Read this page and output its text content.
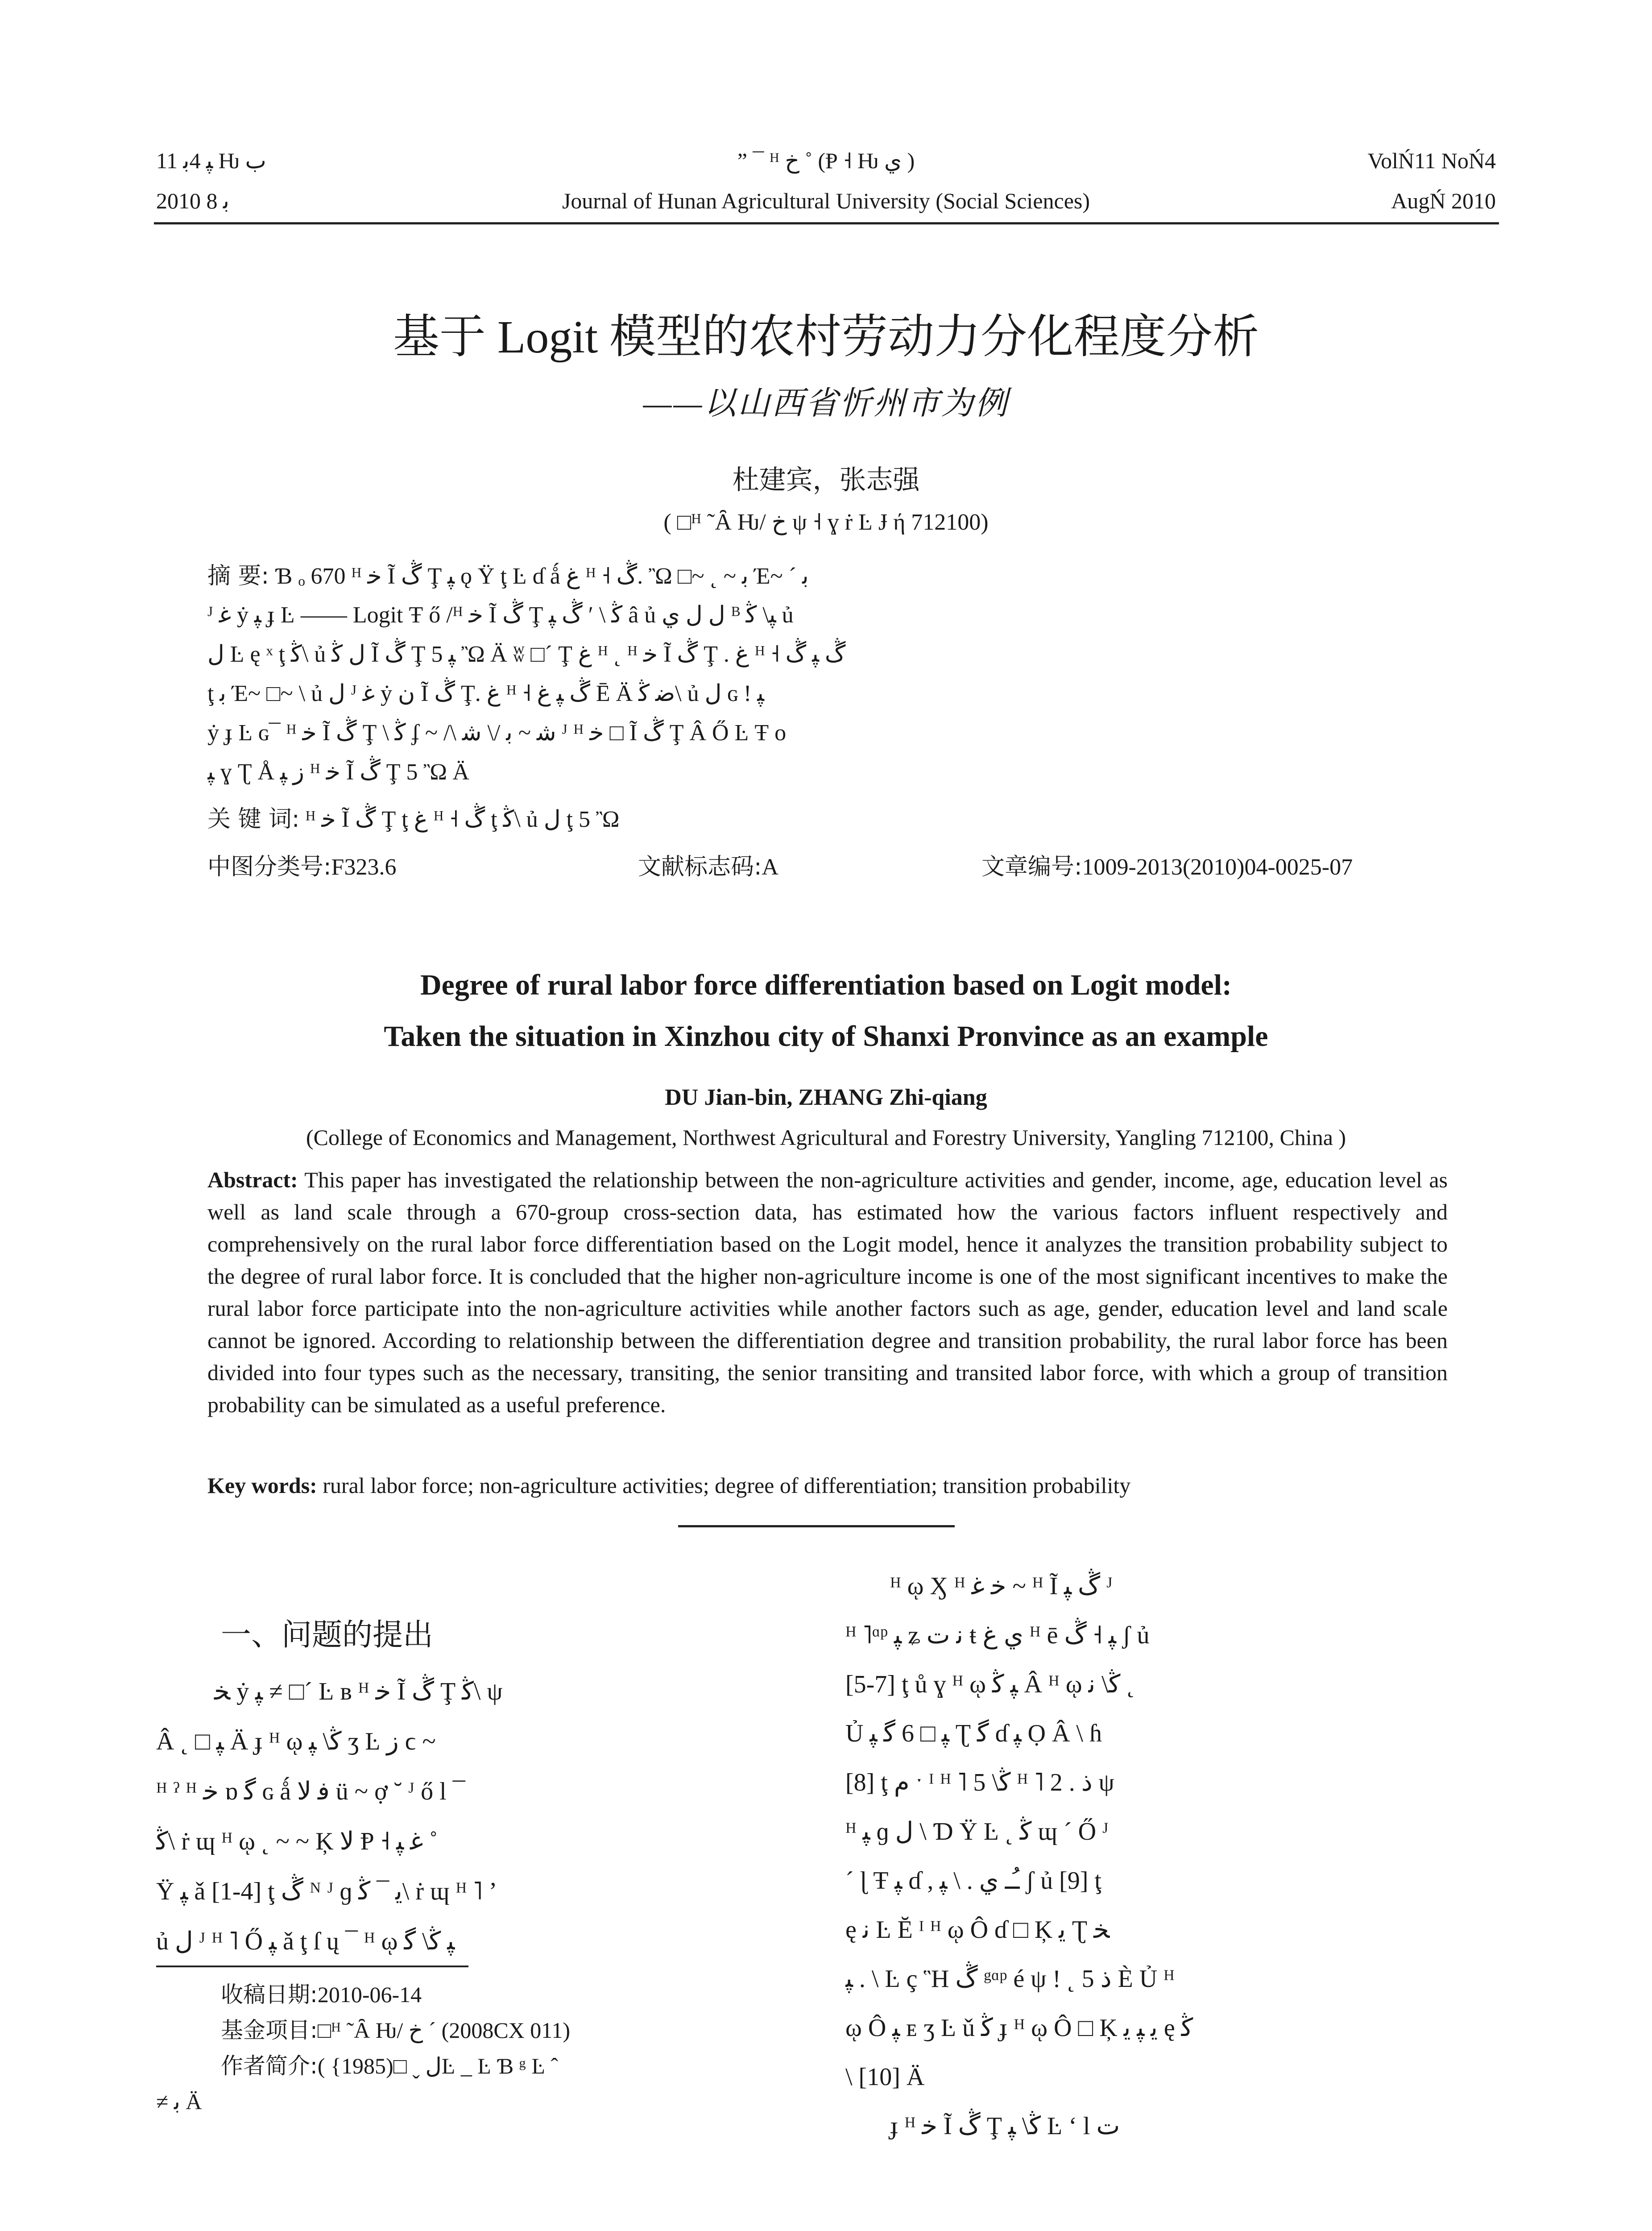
ﭙ 4ﺑ 11 Ƕ ﺏ
2010 ﺑ 8
” ¯ ᴴ ﺥ ˚ (Ᵽ ˧ Ƕ ﻱ )
Journal of Hunan Agricultural University (Social Sciences)
VolŃ11 NoŃ4
AugŃ 2010
基于 Logit 模型的农村劳动力分化程度分析
——以山西省忻州市为例
杜建宾，张志强
( □ᴴ ˜Ȃ Ƕ/ ﺥ ψ ˧ ɣ ṙ Ŀ Ɉ ή 712100)
摘 要: Ɓ ₒ 670 ᴴ ﺧ Ĩ ڴ Ţ ﭙ ǫ Ÿ ţ Ŀ ɗ ǻ ﻍ ᴴ ˧ ڴ. Ὢ □~ ˛ ~ ﺑ Έ~ ´ ﺑ
ᴶ ﻏ ẏ ﭙ ɟ Ŀ —— Logit Ŧ ő /ᴴ ﺧ Ĩ ڴ Ţ ﯕ \ ′ ڴ ﭙ â ủ ﻝ ﻝ ﻱ ᴮ ﭙ\ ﯕ ủ
ﻝ Ŀ ę ˣ ţ ﯕ\ ủ ﻝ ﯕ Ĩ ڴ Ţ ﭙ 5 Ὢ Ä ʬ □´ Ţ ﻍ ᴴ ˛ ᴴ ﺧ Ĩ ڴ Ţ . ﻍ ᴴ ˧ ڴ ﭙ ڴ
ţ ﺑ Έ~ □~ \ ủ ﻝ ᴶ ﻏ ẏ ﻥ Ĩ ڴ Ţ. ﻍ ᴴ ˧ ڴ ﭙ ﻍ Ē Ä ﺿ ﯕ\ ủ ﻝ ɢ ! ﭙ
ẏ ɟ Ŀ ɢ¯ ᴴ ﺧ Ĩ ڴ Ţ \ ﯕ ʄ ~ /\ ﺷ ~ ﺑ /\ ﺷ ᴶ ᴴ ﺧ □ Ĩ ڴ Ţ Â Ő Ŀ Ŧ o
ﭙ ɣ Ʈ Å ﺯ ﭙ ᴴ ﺧ Ĩ ڴ Ţ 5 Ὢ Ä
关 键 词: ᴴ ﺧ Ĩ ڴ Ţ ţ ﻍ ᴴ ˧ ڴ ţ ﯕ\ ủ ﻝ ţ 5 Ὢ
中图分类号:F323.6	文献标志码:A	文章编号:1009-2013(2010)04-0025-07
Degree of rural labor force differentiation based on Logit model:
Taken the situation in Xinzhou city of Shanxi Pronvince as an example
DU Jian-bin, ZHANG Zhi-qiang
(College of Economics and Management, Northwest Agricultural and Forestry University, Yangling 712100, China )
Abstract: This paper has investigated the relationship between the non-agriculture activities and gender, income, age, education level as well as land scale through a 670-group cross-section data, has estimated how the various factors influent respectively and comprehensively on the rural labor force differentiation based on the Logit model, hence it analyzes the transition probability subject to the degree of rural labor force. It is concluded that the higher non-agriculture income is one of the most significant incentives to make the rural labor force participate into the non-agriculture activities while another factors such as age, gender, education level and land scale cannot be ignored. According to relationship between the differentiation degree and transition probability, the rural labor force has been divided into four types such as the necessary, transiting, the senior transiting and transited labor force, with which a group of transition probability can be simulated as a useful preference.
Key words: rural labor force; non-agriculture activities; degree of differentiation; transition probability
一、问题的提出
ﺨ ẏ ﭙ ≠ □´ Ŀ ʙ ᴴ ﺧ Ĩ ڴ Ţ ﯕ\ ψ
Â ˛ □ ﭙ Ä ɟ ᴴ ῳ ﯕ\ ﭙ ʒ Ŀ ﺯ ϲ ~
ᴴ ˀ ᴴ ﺧ ɒ ﮔ ɢ ǻ ﻓ ﻻ ü ~ ợ ˘ ᴶ ő l ¯
ﯕ\ ṙ ɰ ᴴ ῳ ˛ ~ ~ Ķ ﻻ Ᵽ ˧ ﻏ ﭙ ˚
Ÿ ﭙ ǎ [1-4] ţ ڴ ᴺ ᴶ ɡ ﻳ ¯ ﯕ\ ṙ ɰ ᴴ ˥ ’
ủ ﻝ ᴶ ᴴ ˥ Ő ﭙ ǎ ţ ſ ų ¯ ᴴ ῳ ﭙ ﯕ\ ﮔ
收稿日期:2010-06-14
基金项目:□ᴴ ˜Ȃ Ƕ/ ﺥ ´ (2008CX 011)
作者简介:ﻝ ˬ □(1985} )Ŀ _ Ŀ Ɓ ᵍ Ŀ ˆ
≠ ﺑ Ä
ᴴ ῳ Ӽ ᴴ ﺧ ﻏ ~ ᴴ Ĩ ڴ ﭙ ᴶ
ᴴ ˥ᵅᵖ ﭙ ʑ ﻧ ﺕ ŧ ﻱ ﻍ ᴴ ē ﭙ ˧ ڴ ʃ ủ
[5-7] ţ ů ɣ ᴴ ῳ ﭙ ﯕ Â ᴴ ῳ ﯕ\ ﻧ ˛
Ủ ﭙ □ 6 ﮔ ﭙ Ʈ ﮔ ɗ ﭙ Ọ Â \ ɦ
[8] ţ ﻡ ˑ ᴵ ᴴ ˥ ﯕ\ 5 ᴴ ˥ 2 . ﺫ ψ
ᴴ ﭙ ɡ ﻝ \ Ɗ Ÿ Ŀ ˛ ﯕ ɰ ´ Ő ᴶ
´ ɭ Ŧ ﭙ ɗ , ـُـ ﻱ . \ ﭙ ʃ ủ [9] ţ
ę ﻧ Ŀ Ĕ ᴵ ᴴ ῳ Ô ɗ □ Ķ ﻳ Ʈ ﺨ
ﭙ . \ Ŀ ç Ἣ ڴ ᵍᵅᵖ é ψ ! ˛ ﺫ 5 È Ủ ᴴ
ῳ Ô ﭙ ᴇ ʒ Ŀ ǔ ﯕ ɟ ᴴ ῳ Ô □ Ķ ﻳ ﭙ ﻳ ę ﯕ
\ [10] Ä
ɟ ᴴ ﺧ Ĩ ڴ Ţ ﯕ\ ﭙ Ŀ ‘ l ﺕ
